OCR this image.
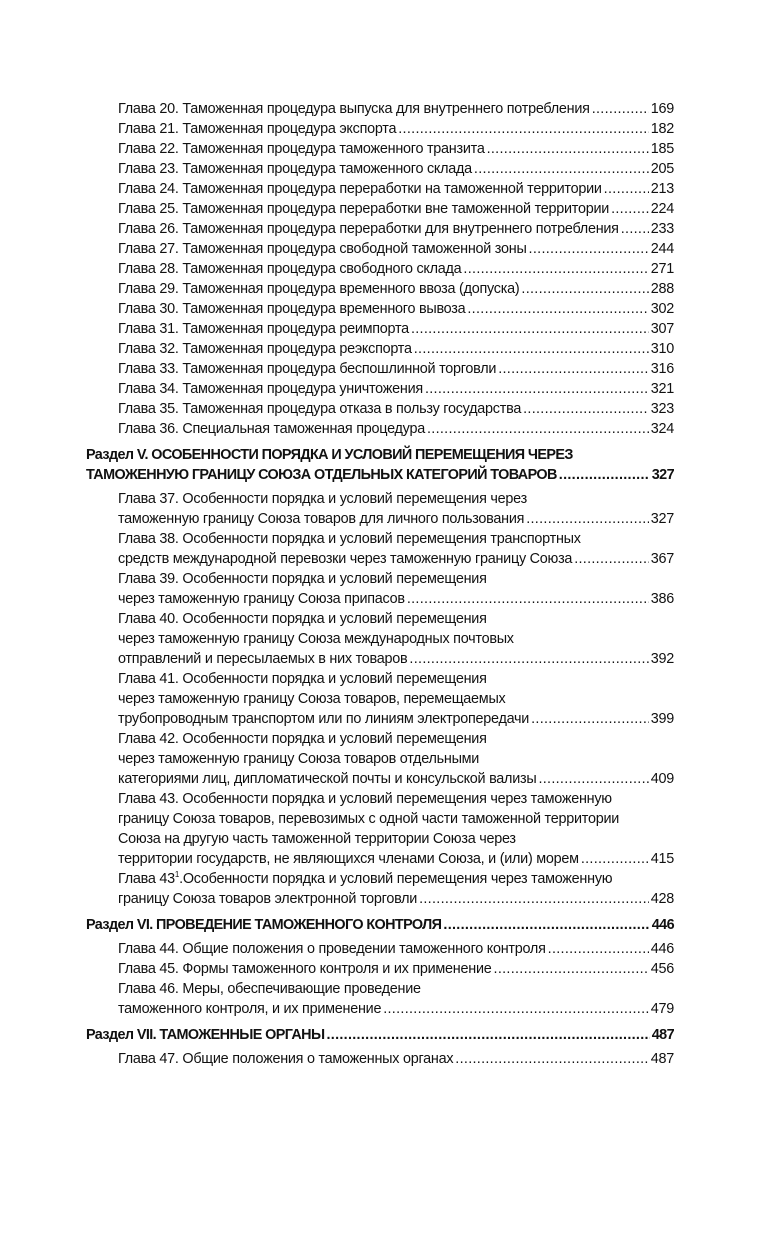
Глава 20. Таможенная процедура выпуска для внутреннего потребления .....	169
Глава 21. Таможенная процедура экспорта .....	182
Глава 22. Таможенная процедура таможенного транзита .....	185
Глава 23. Таможенная процедура таможенного склада .....	205
Глава 24. Таможенная процедура переработки на таможенной территории .....	213
Глава 25. Таможенная процедура переработки вне таможенной территории .....	224
Глава 26. Таможенная процедура переработки для внутреннего потребления ..... 233
Глава 27. Таможенная процедура свободной таможенной зоны .....	244
Глава 28. Таможенная процедура свободного склада .....	271
Глава 29. Таможенная процедура временного ввоза (допуска) .....	288
Глава 30. Таможенная процедура временного вывоза .....	302
Глава 31. Таможенная процедура реимпорта .....	307
Глава 32. Таможенная процедура реэкспорта .....	310
Глава 33. Таможенная процедура беспошлинной торговли .....	316
Глава 34. Таможенная процедура уничтожения .....	321
Глава 35. Таможенная процедура отказа в пользу государства .....	323
Глава 36. Специальная таможенная процедура .....	324
Раздел V. ОСОБЕННОСТИ ПОРЯДКА И УСЛОВИЙ ПЕРЕМЕЩЕНИЯ ЧЕРЕЗ
ТАМОЖЕННУЮ ГРАНИЦУ СОЮЗА ОТДЕЛЬНЫХ КАТЕГОРИЙ ТОВАРОВ .....	327
Глава 37. Особенности порядка и условий перемещения через
таможенную границу Союза товаров для личного пользования .....	327
Глава 38. Особенности порядка и условий перемещения транспортных
средств международной перевозки через таможенную границу Союза .....	367
Глава 39. Особенности порядка и условий перемещения
через таможенную границу Союза припасов .....	386
Глава 40. Особенности порядка и условий перемещения
через таможенную границу Союза международных почтовых
отправлений и пересылаемых в них товаров .....	392
Глава 41. Особенности порядка и условий перемещения
через таможенную границу Союза товаров, перемещаемых
трубопроводным транспортом или по линиям электропередачи .....	399
Глава 42. Особенности порядка и условий перемещения
через таможенную границу Союза товаров отдельными
категориями лиц, дипломатической почты и консульской вализы .....	409
Глава 43. Особенности порядка и условий перемещения через таможенную
границу Союза товаров, перевозимых с одной части таможенной территории
Союза на другую часть таможенной территории Союза через
территории государств, не являющихся членами Союза, и (или) морем .....	415
Глава $43^1.Особенности$ порядка и условий перемещения через таможенную
границу Союза товаров электронной торговли .....	428
Раздел VI. ПРОВЕДЕНИЕ ТАМОЖЕННОГО КОНТРОЛЯ .....	446
Глава 44. Общие положения о проведении таможенного контроля .....	446
Глава 45. Формы таможенного контроля и их применение .....	456
Глава 46. Меры, обеспечивающие проведение
таможенного контроля, и их применение .....	479
Раздел VII. ТАМОЖЕННЫЕ ОРГАНЫ .....	487
Глава 47. Общие положения о таможенных органах .....	487
